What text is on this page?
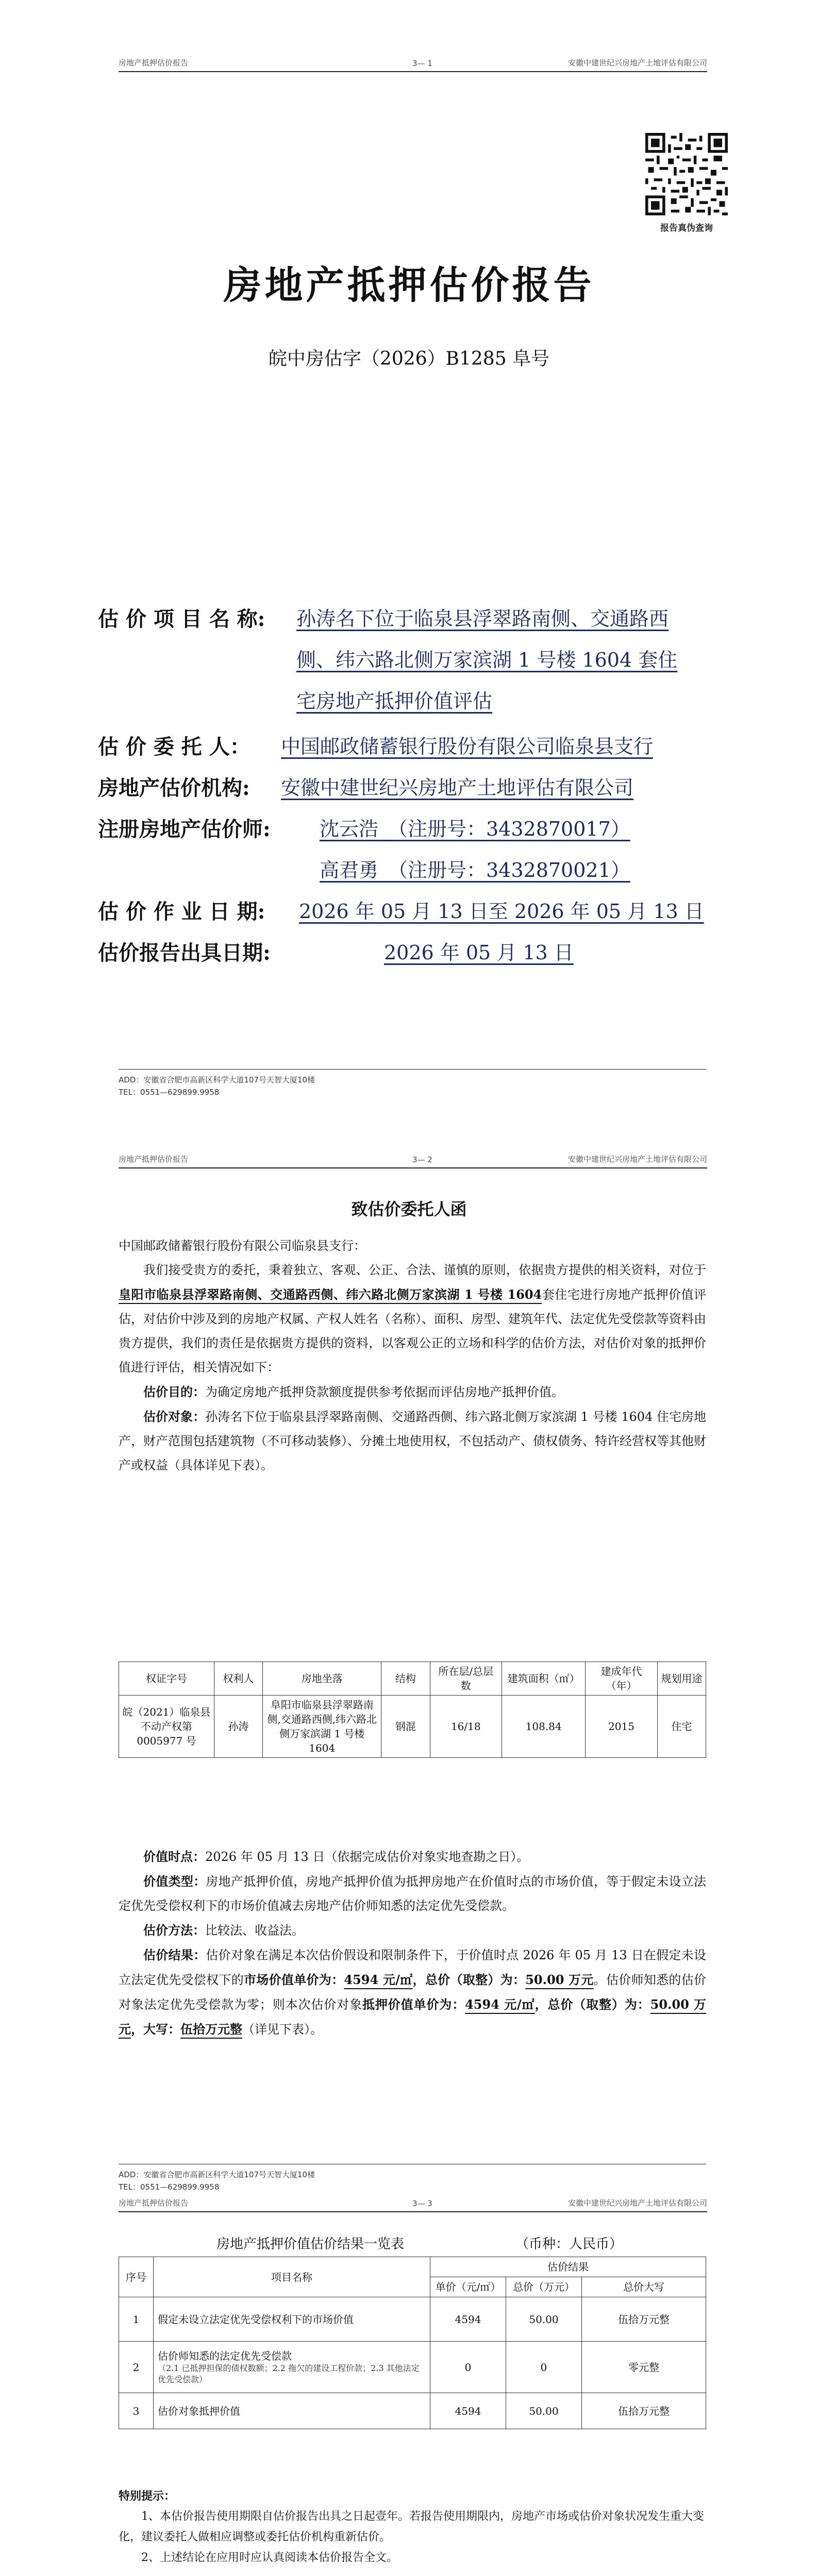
房地产抵押估价报告	3— 1	安徽中建世纪兴房地产土地评估有限公司
报告真伪查询
房地产抵押估价报告
皖中房估字（2026）B1285 阜号
估 价 项 目 名 称: 孙涛名下位于临泉县浮翠路南侧、交通路西
侧、纬六路北侧万家滨湖 1 号楼 1604 套住
宅房地产抵押价值评估
估 价 委 托 人： 中国邮政储蓄银行股份有限公司临泉县支行
房地产估价机构: 安徽中建世纪兴房地产土地评估有限公司
注册房地产估价师:	沈云浩　（注册号：3432870017）
高君勇　（注册号：3432870021）
估 价 作 业 日 期: 2026 年 05 月 13 日至 2026 年 05 月 13 日
估价报告出具日期:	2026 年 05 月 13 日
ADD：安徽省合肥市高新区科学大道107号天智大厦10楼
TEL：0551—629899.9958
房地产抵押估价报告	3— 2	安徽中建世纪兴房地产土地评估有限公司
致估价委托人函

中国邮政储蓄银行股份有限公司临泉县支行：

我们接受贵方的委托，秉着独立、客观、公正、合法、谨慎的原则，依据贵方提供的相关资料，对位于皇阳市临泉县浮翠路南侧、交通路西侧、纬六路北侧万家滨湖 1 号楼 1604套住宅进行房地产抵押价值评估，对估价中涉及到的房地产权属、产权人姓名（名称）、面积、房型、建筑年代、法定优先受偿款等资料由贵方提供，我们的责任是依据贵方提供的资料，以客观公正的立场和科学的估价方法，对估价对象的抵押价值进行评估，相关情况如下：

估价目的：为确定房地产抵押贷款额度提供参考依据而评估房地产抵押价值。

估价对象：孙涛名下位于临泉县浮翠路南侧、交通路西侧、纬六路北侧万家滨湖 1 号楼 1604 住宅房地产，财产范围包括建筑物（不可移动装修）、分摊土地使用权，不包括动产、债权债务、特许经营权等其他财产或权益（具体详见下表）。

权证字号	权利人	房地坐落	结构	所在层/总层数	建筑面积（㎡）	建成年代（年）	规划用途
皖（2021）临泉县不动产权第 0005977 号	孙涛	阜阳市临泉县浮翠路南侧,交通路西侧,纬六路北侧万家滨湖 1 号楼 1604	钢混	16/18	108.84	2015	住宅

价值时点：2026 年 05 月 13 日（依据完成估价对象实地查勘之日）。

价值类型：房地产抵押价值，房地产抵押价值为抵押房地产在价值时点的市场价值，等于假定未设立法定优先受偿权利下的市场价值减去房地产估价师知悉的法定优先受偿款。

估价方法：比较法、收益法。

估价结果：估价对象在满足本次估价假设和限制条件下，于价值时点 2026 年 05 月 13 日在假定未设立法定优先受偿权下的市场价值单价为：4594 元/㎡，总价（取整）为：50.00 万元。估价师知悉的估价对象法定优先受偿款为零；则本次估价对象抵押价值单价为：4594 元/㎡，总价（取整）为：50.00 万元，大写：伍拾万元整（详见下表）。

ADD：安徽省合肥市高新区科学大道107号天智大厦10楼
TEL：0551—629899.9958
房地产抵押估价报告	3— 3	安徽中建世纪兴房地产土地评估有限公司
房地产抵押价值估价结果一览表	（币种：人民币）
序号	项目名称	估价结果		
		单价（元/㎡）	总价（万元）	总价大写
1	假定未设立法定优先受偿权利下的市场价值	4594	50.00	伍拾万元整
2	估价师知悉的法定优先受偿款
（2.1 已抵押担保的债权数额；2.2 拖欠的建设工程价款；2.3 其他法定优先受偿款）	0	0	零元整
3	估价对象抵押价值	4594	50.00	伍拾万元整
特别提示：
1、本估价报告使用期限自估价报告出具之日起壹年。若报告使用期限内，房地产市场或估价对象状况发生重大变化，建议委托人做相应调整或委托估价机构重新估价。
2、上述结论在应用时应认真阅读本估价报告全文。
